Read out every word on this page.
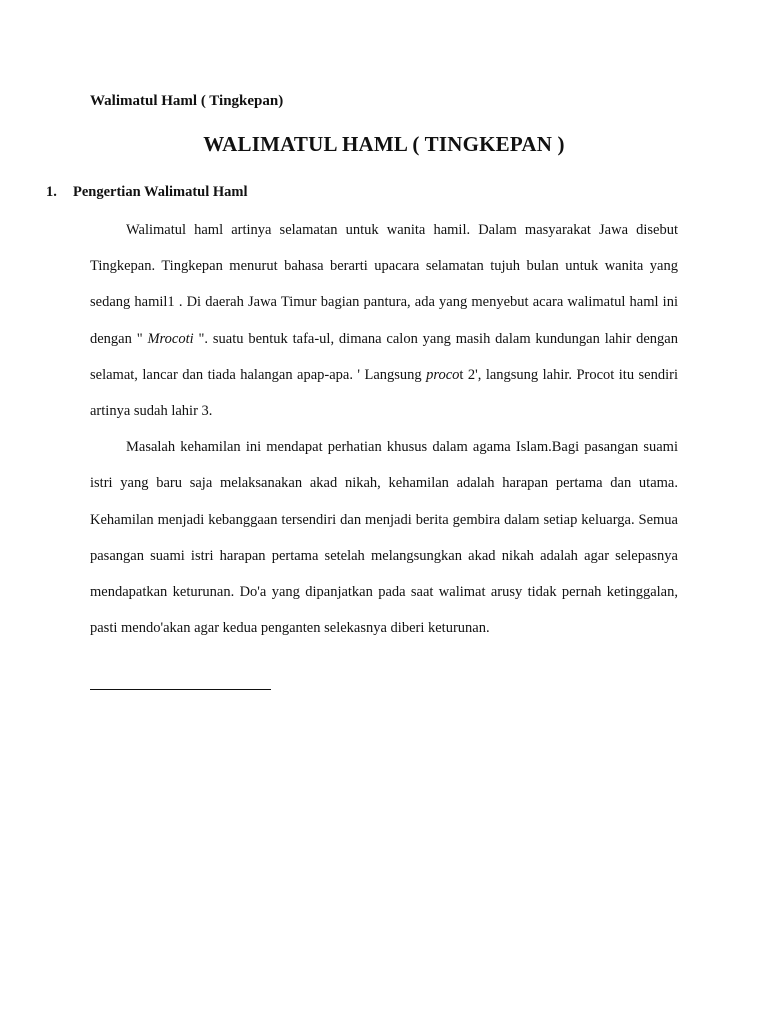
Walimatul Haml ( Tingkepan)
WALIMATUL HAML ( TINGKEPAN )
1. Pengertian Walimatul Haml

Walimatul haml artinya selamatan untuk wanita hamil. Dalam masyarakat Jawa disebut Tingkepan. Tingkepan menurut bahasa berarti upacara selamatan tujuh bulan untuk wanita yang sedang hamil1 . Di daerah Jawa Timur bagian pantura, ada yang menyebut acara walimatul haml ini dengan " Mrocoti ". suatu bentuk tafa-ul, dimana calon yang masih dalam kundungan lahir dengan selamat, lancar dan tiada halangan apap-apa. ' Langsung procot 2', langsung lahir. Procot itu sendiri artinya sudah lahir 3.

Masalah kehamilan ini mendapat perhatian khusus dalam agama Islam.Bagi pasangan suami istri yang baru saja melaksanakan akad nikah, kehamilan adalah harapan pertama dan utama. Kehamilan menjadi kebanggaan tersendiri dan menjadi berita gembira dalam setiap keluarga. Semua pasangan suami istri harapan pertama setelah melangsungkan akad nikah adalah agar selepasnya mendapatkan keturunan. Do'a yang dipanjatkan pada saat walimat arusy tidak pernah ketinggalan, pasti mendo'akan agar kedua penganten selekasnya diberi keturunan.
